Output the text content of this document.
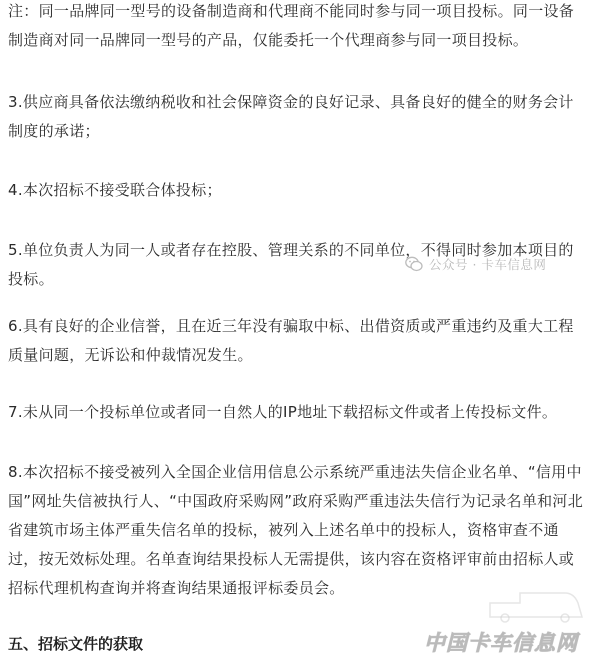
注：同一品牌同一型号的设备制造商和代理商不能同时参与同一项目投标。同一设备
制造商对同一品牌同一型号的产品，仅能委托一个代理商参与同一项目投标。

3.供应商具备依法缴纳税收和社会保障资金的良好记录、具备良好的健全的财务会计
制度的承诺；

4.本次招标不接受联合体投标；

5.单位负责人为同一人或者存在控股、管理关系的不同单位，不得同时参加本项目的
投标。

6.具有良好的企业信誉，且在近三年没有骗取中标、出借资质或严重违约及重大工程
质量问题，无诉讼和仲裁情况发生。

7.未从同一个投标单位或者同一自然人的IP地址下载招标文件或者上传投标文件。

8.本次招标不接受被列入全国企业信用信息公示系统严重违法失信企业名单、“信用中
国”网址失信被执行人、“中国政府采购网”政府采购严重违法失信行为记录名单和河北
省建筑市场主体严重失信名单的投标，被列入上述名单中的投标人，资格审查不通
过，按无效标处理。名单查询结果投标人无需提供，该内容在资格评审前由招标人或
招标代理机构查询并将查询结果通报评标委员会。

五、招标文件的获取
公众号 · 卡车信息网
中国卡车信息网
